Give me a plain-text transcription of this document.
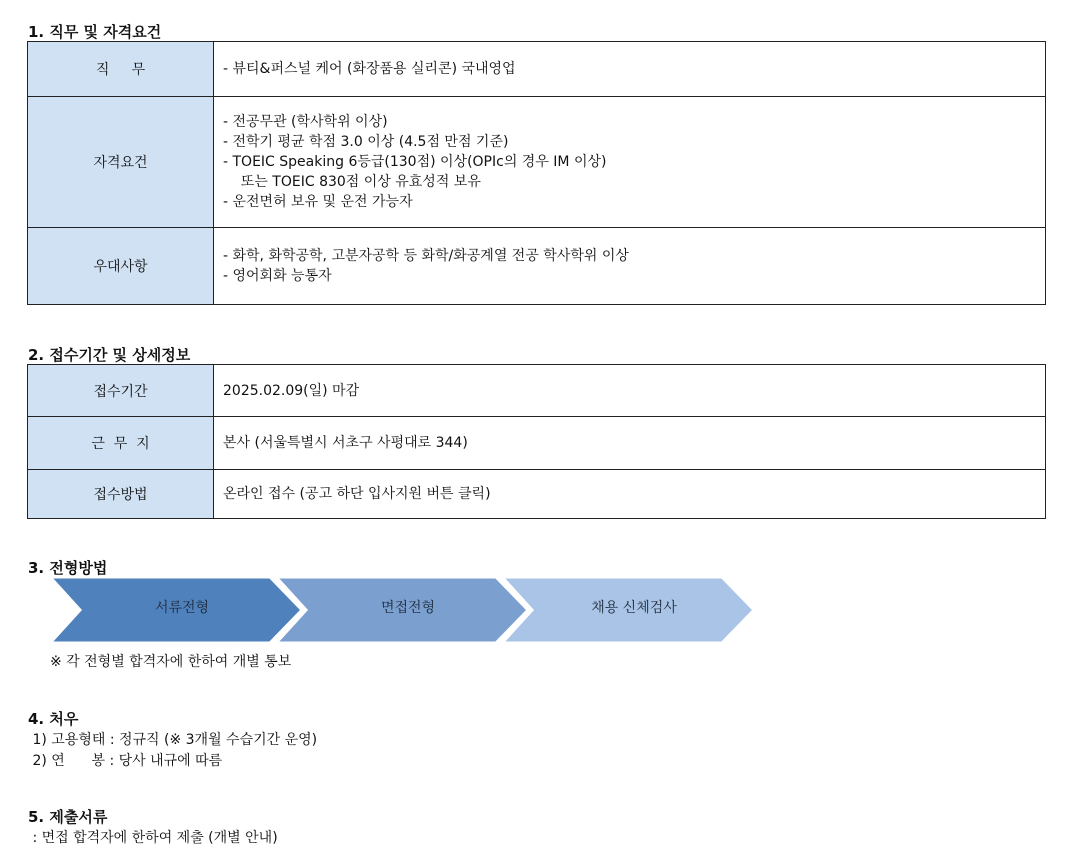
1. 직무 및 자격요건
직     무	- 뷰티&퍼스널 케어 (화장품용 실리콘) 국내영업
자격요건	- 전공무관 (학사학위 이상)
- 전학기 평균 학점 3.0 이상 (4.5점 만점 기준)
- TOEIC Speaking 6등급(130점) 이상(OPIc의 경우 IM 이상)
또는 TOEIC 830점 이상 유효성적 보유
- 운전면허 보유 및 운전 가능자

우대사항	- 화학, 화학공학, 고분자공학 등 화학/화공계열 전공 학사학위 이상
- 영어회화 능통자
2. 접수기간 및 상세정보
접수기간	2025.02.09(일) 마감
근  무  지	본사 (서울특별시 서초구 사평대로 344)
접수방법	온라인 접수 (공고 하단 입사지원 버튼 클릭)
3. 전형방법
서류전형	면접전형	채용 신체검사
※ 각 전형별 합격자에 한하여 개별 통보
4. 처우
1) 고용형태 : 정규직 (※ 3개월 수습기간 운영)
2) 연      봉 : 당사 내규에 따름
5. 제출서류
: 면접 합격자에 한하여 제출 (개별 안내)
